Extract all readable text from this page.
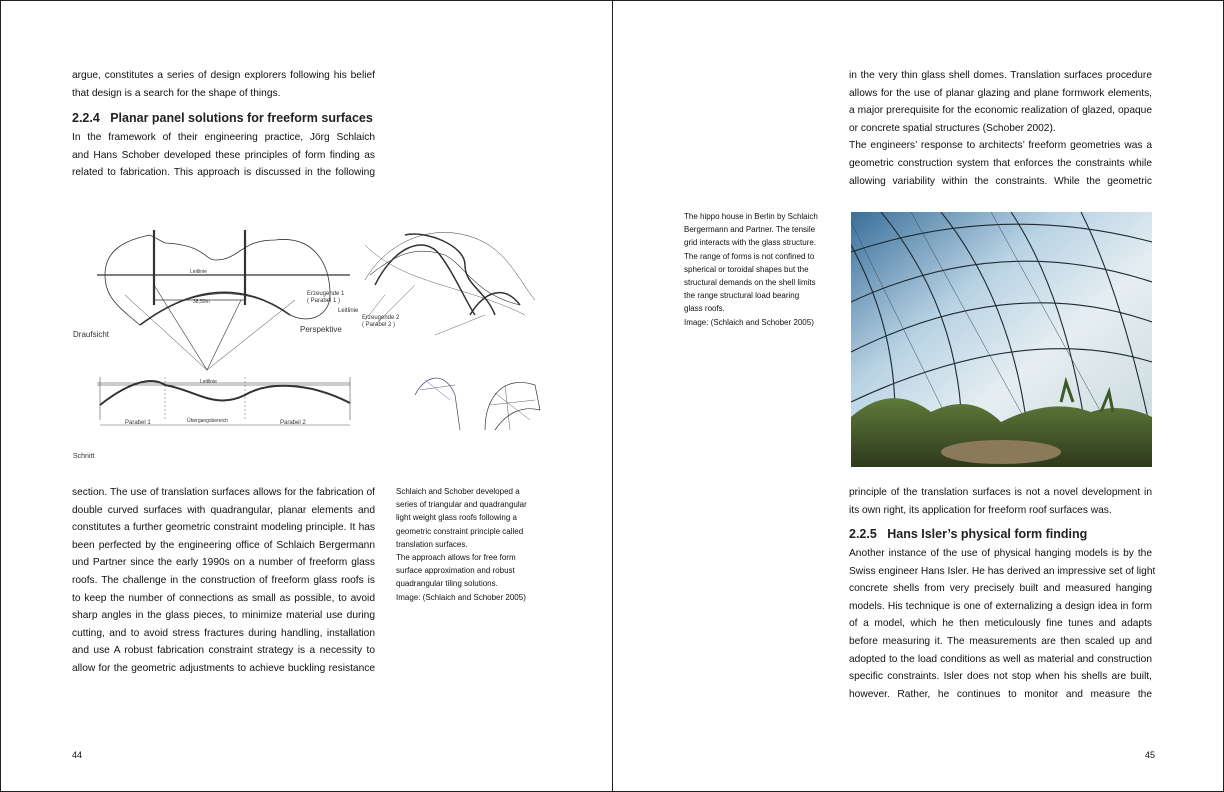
argue, constitutes a series of design explorers following his belief
that design is a search for the shape of things.
2.2.4   Planar panel solutions for freeform surfaces
In the framework of their engineering practice, Jörg Schlaich
and Hans Schober developed these principles of form finding as
related to fabrication. This approach is discussed in the following
Draufsicht
Perspektive
Schnitt
Parabel 1	Parabel 2
Übergangsbereich
Leitlinie
Leitlinie
38,50m
Erzeugende 1
( Parabel 1 )
Leitlinie
Erzeugende 2
( Parabel 2 )
section. The use of translation surfaces allows for the fabrication of
double curved surfaces with quadrangular, planar elements and
constitutes a further geometric constraint modeling principle. It has
been perfected by the engineering office of Schlaich Bergermann
und Partner since the early 1990s on a number of freeform glass
roofs. The challenge in the construction of freeform glass roofs is
to keep the number of connections as small as possible, to avoid
sharp angles in the glass pieces, to minimize material use during
cutting, and to avoid stress fractures during handling, installation
and use A robust fabrication constraint strategy is a necessity to
allow for the geometric adjustments to achieve buckling resistance
Schlaich and Schober developed a
series of triangular and quadrangular
light weight glass roofs following a
geometric constraint principle called
translation surfaces.
The approach allows for free form
surface approximation and robust
quadrangular tiling solutions.
Image: (Schlaich and Schober 2005)
44
in the very thin glass shell domes. Translation surfaces procedure
allows for the use of planar glazing and plane formwork elements,
a major prerequisite for the economic realization of glazed, opaque
or concrete spatial structures (Schober 2002).
The engineers’ response to architects’ freeform geometries was a
geometric construction system that enforces the constraints while
allowing variability within the constraints. While the geometric
The hippo house in Berlin by Schlaich
Bergermann and Partner. The tensile
grid interacts with the glass structure.
The range of forms is not confined to
spherical or toroidal shapes but the
structural demands on the shell limits
the range structural load bearing
glass roofs.
Image: (Schlaich and Schober 2005)
principle of the translation surfaces is not a novel development in
its own right, its application for freeform roof surfaces was.
2.2.5   Hans Isler’s physical form finding
Another instance of the use of physical hanging models is by the
Swiss engineer Hans Isler. He has derived an impressive set of light
concrete shells from very precisely built and measured hanging
models. His technique is one of externalizing a design idea in form
of a model, which he then meticulously fine tunes and adapts
before measuring it. The measurements are then scaled up and
adopted to the load conditions as well as material and construction
specific constraints. Isler does not stop when his shells are built,
however. Rather, he continues to monitor and measure the
45
